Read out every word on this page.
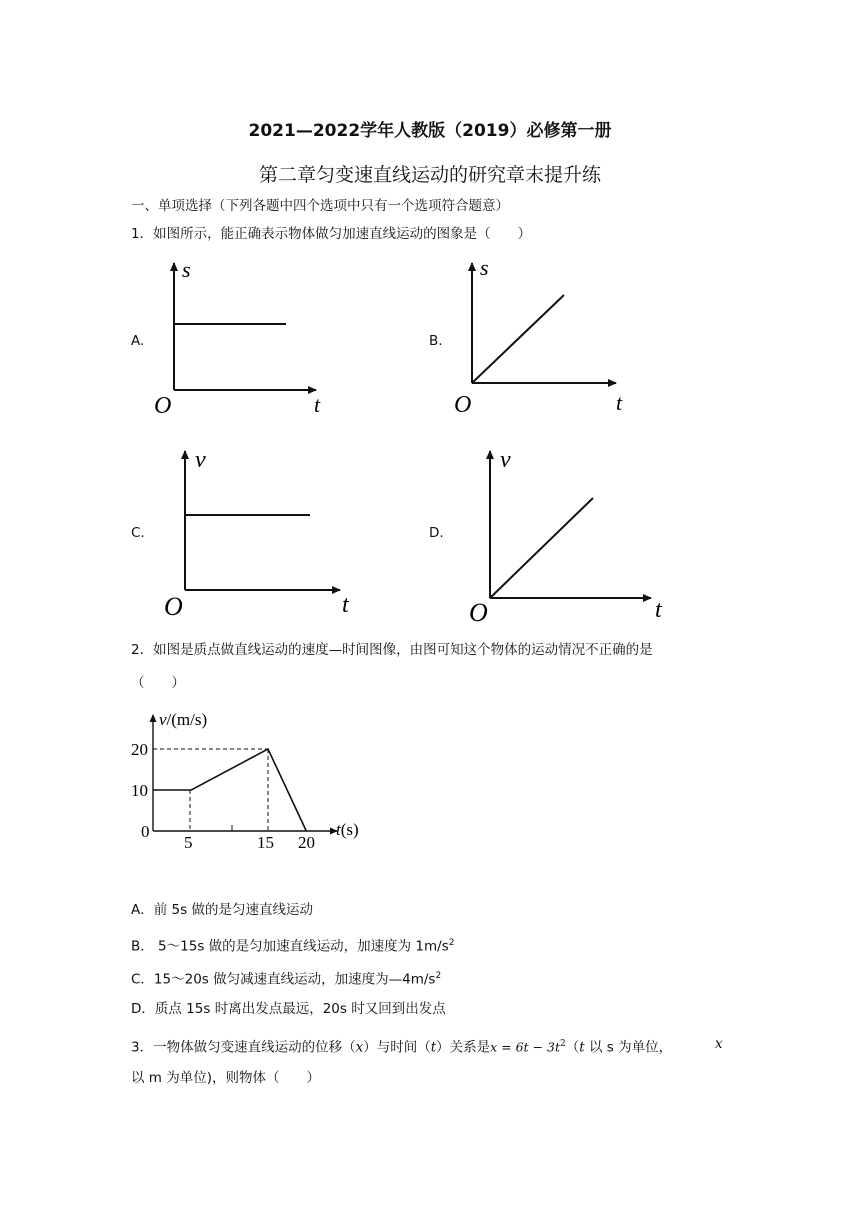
2021—2022学年人教版（2019）必修第一册
第二章匀变速直线运动的研究章末提升练
一、单项选择（下列各题中四个选项中只有一个选项符合题意）
1．如图所示，能正确表示物体做匀加速直线运动的图象是（　　）
A.	B.
C.	D.
s
O	t
s
O	t
v
O	t
v
O	t
2．如图是质点做直线运动的速度—时间图像，由图可知这个物体的运动情况不正确的是
（　　）
v/(m/s)
t(s)
20
10
0
5	15 20
A．前 5s 做的是匀速直线运动
B． 5～15s 做的是匀加速直线运动，加速度为 $1m/s^2$
C．15～20s 做匀减速直线运动，加速度为$—4m/s^2$
D．质点 15s 时离出发点最远，20s 时又回到出发点
3．一物体做匀变速直线运动的位移（x）与时间（t）关系是$x = 6t - 3t^2(t$ 以 s 为单位，	x
以 m 为单位)，则物体（　　）
